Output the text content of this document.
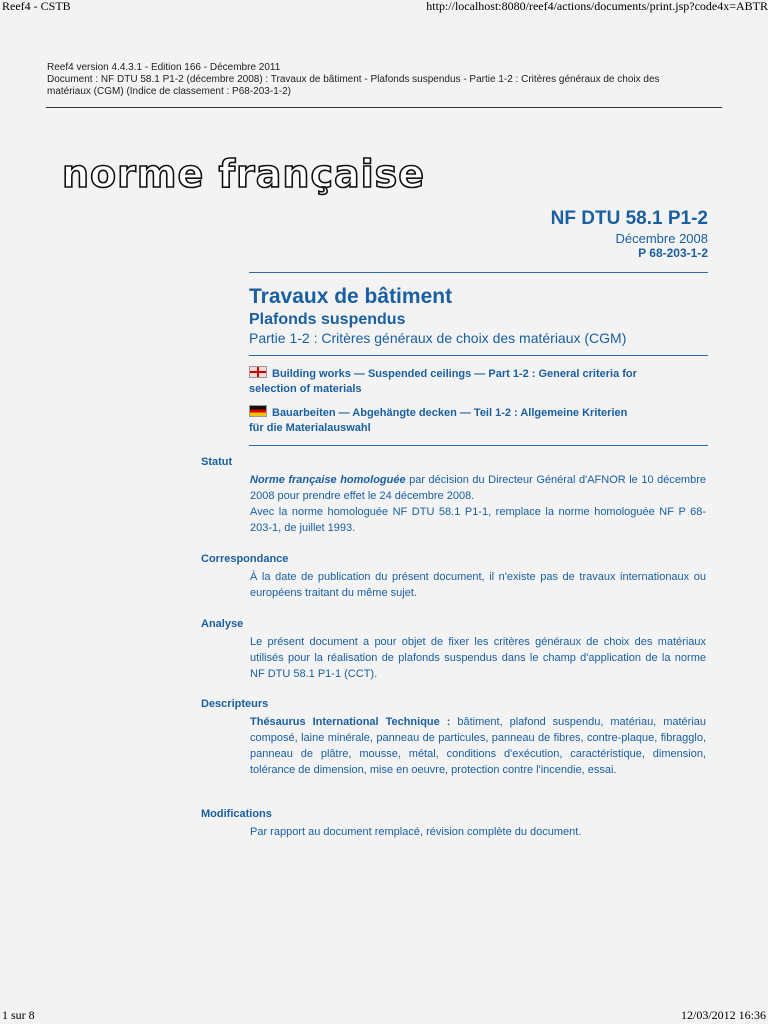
Reef4 - CSTB	http://localhost:8080/reef4/actions/documents/print.jsp?code4x=ABTR
Reef4 version 4.4.3.1 - Edition 166 - Décembre 2011
Document : NF DTU 58.1 P1-2 (décembre 2008) : Travaux de bâtiment - Plafonds suspendus - Partie 1-2 : Critères généraux de choix des
matériaux (CGM) (Indice de classement : P68-203-1-2)
norme française
NF DTU 58.1 P1-2
Décembre 2008
P 68-203-1-2
Travaux de bâtiment
Plafonds suspendus
Partie 1-2 : Critères généraux de choix des matériaux (CGM)
Building works — Suspended ceilings — Part 1-2 : General criteria for
selection of materials
Bauarbeiten — Abgehängte decken — Teil 1-2 : Allgemeine Kriterien
für die Materialauswahl
Statut

Norme française homologuée par décision du Directeur Général d'AFNOR le 10 décembre 2008 pour prendre effet le 24 décembre 2008.

Avec la norme homologuée NF DTU 58.1 P1-1, remplace la norme homologuée NF P 68-203-1, de juillet 1993.

Correspondance

À la date de publication du présent document, il n'existe pas de travaux internationaux ou européens traitant du même sujet.

Analyse

Le présent document a pour objet de fixer les critères généraux de choix des matériaux utilisés pour la réalisation de plafonds suspendus dans le champ d'application de la norme NF DTU 58.1 P1-1 (CCT).

Descripteurs

Thésaurus International Technique : bâtiment, plafond suspendu, matériau, matériau composé, laine minérale, panneau de particules, panneau de fibres, contre-plaque, fibragglo, panneau de plâtre, mousse, métal, conditions d'exécution, caractéristique, dimension, tolérance de dimension, mise en oeuvre, protection contre l'incendie, essai.

Modifications

Par rapport au document remplacé, révision complète du document.

1 sur 8	12/03/2012 16:36
